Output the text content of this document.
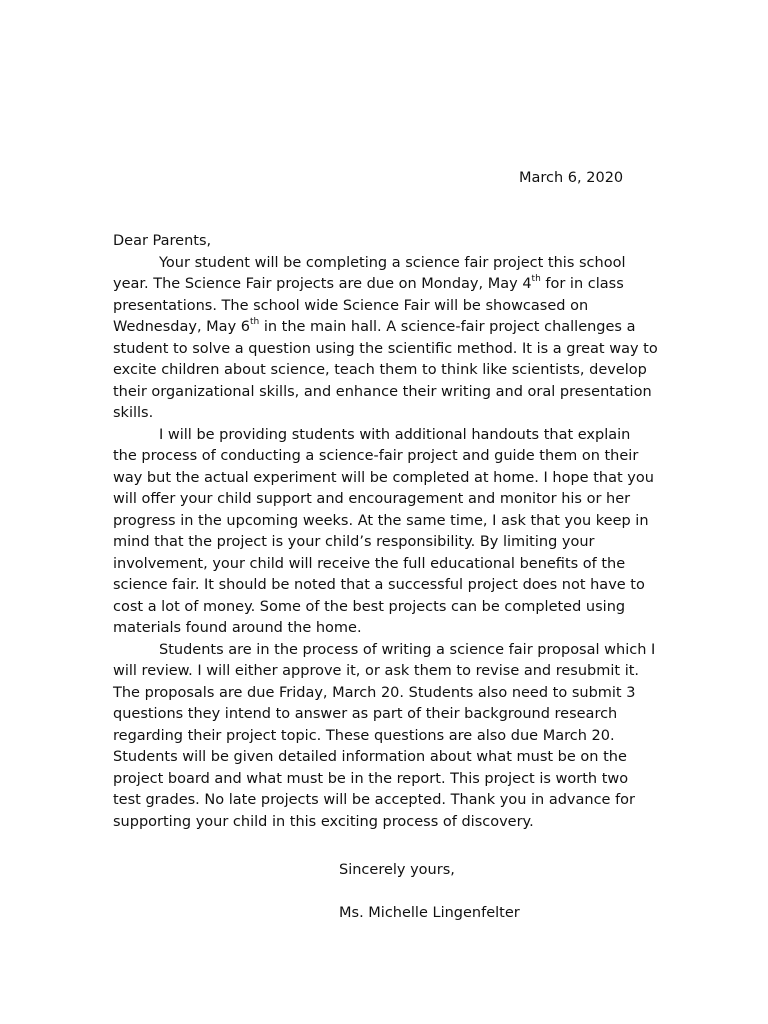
March 6, 2020

Dear Parents,

Your student will be completing a science fair project this school year. The Science Fair projects are due on Monday, May 4th for in class presentations. The school wide Science Fair will be showcased on Wednesday, May 6th in the main hall. A science-fair project challenges a student to solve a question using the scientific method. It is a great way to excite children about science, teach them to think like scientists, develop their organizational skills, and enhance their writing and oral presentation skills.

I will be providing students with additional handouts that explain the process of conducting a science-fair project and guide them on their way but the actual experiment will be completed at home. I hope that you will offer your child support and encouragement and monitor his or her progress in the upcoming weeks. At the same time, I ask that you keep in mind that the project is your child’s responsibility. By limiting your involvement, your child will receive the full educational benefits of the science fair. It should be noted that a successful project does not have to cost a lot of money. Some of the best projects can be completed using materials found around the home.

Students are in the process of writing a science fair proposal which I will review. I will either approve it, or ask them to revise and resubmit it. The proposals are due Friday, March 20. Students also need to submit 3 questions they intend to answer as part of their background research regarding their project topic. These questions are also due March 20. Students will be given detailed information about what must be on the project board and what must be in the report. This project is worth two test grades. No late projects will be accepted. Thank you in advance for supporting your child in this exciting process of discovery.

Sincerely yours,
Ms. Michelle Lingenfelter
